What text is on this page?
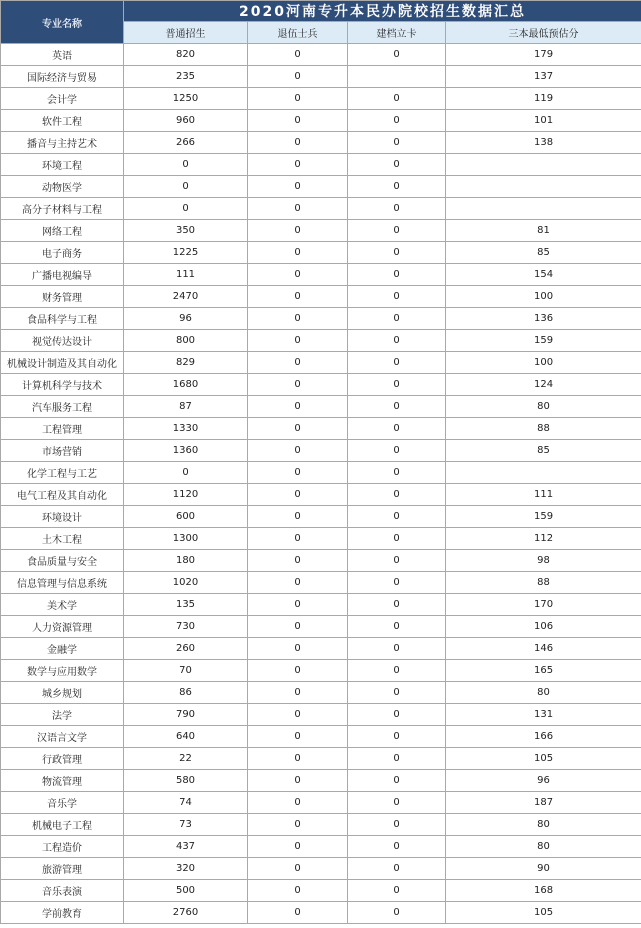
专业名称	2020河南专升本民办院校招生数据汇总			
	普通招生	退伍士兵	建档立卡	三本最低预估分
英语	820	0	0	179
国际经济与贸易	235	0		137
会计学	1250	0	0	119
软件工程	960	0	0	101
播音与主持艺术	266	0	0	138
环境工程	0	0	0	
动物医学	0	0	0	
高分子材料与工程	0	0	0	
网络工程	350	0	0	81
电子商务	1225	0	0	85
广播电视编导	111	0	0	154
财务管理	2470	0	0	100
食品科学与工程	96	0	0	136
视觉传达设计	800	0	0	159
机械设计制造及其自动化	829	0	0	100
计算机科学与技术	1680	0	0	124
汽车服务工程	87	0	0	80
工程管理	1330	0	0	88
市场营销	1360	0	0	85
化学工程与工艺	0	0	0	
电气工程及其自动化	1120	0	0	111
环境设计	600	0	0	159
土木工程	1300	0	0	112
食品质量与安全	180	0	0	98
信息管理与信息系统	1020	0	0	88
美术学	135	0	0	170
人力资源管理	730	0	0	106
金融学	260	0	0	146
数学与应用数学	70	0	0	165
城乡规划	86	0	0	80
法学	790	0	0	131
汉语言文学	640	0	0	166
行政管理	22	0	0	105
物流管理	580	0	0	96
音乐学	74	0	0	187
机械电子工程	73	0	0	80
工程造价	437	0	0	80
旅游管理	320	0	0	90
音乐表演	500	0	0	168
学前教育	2760	0	0	105
